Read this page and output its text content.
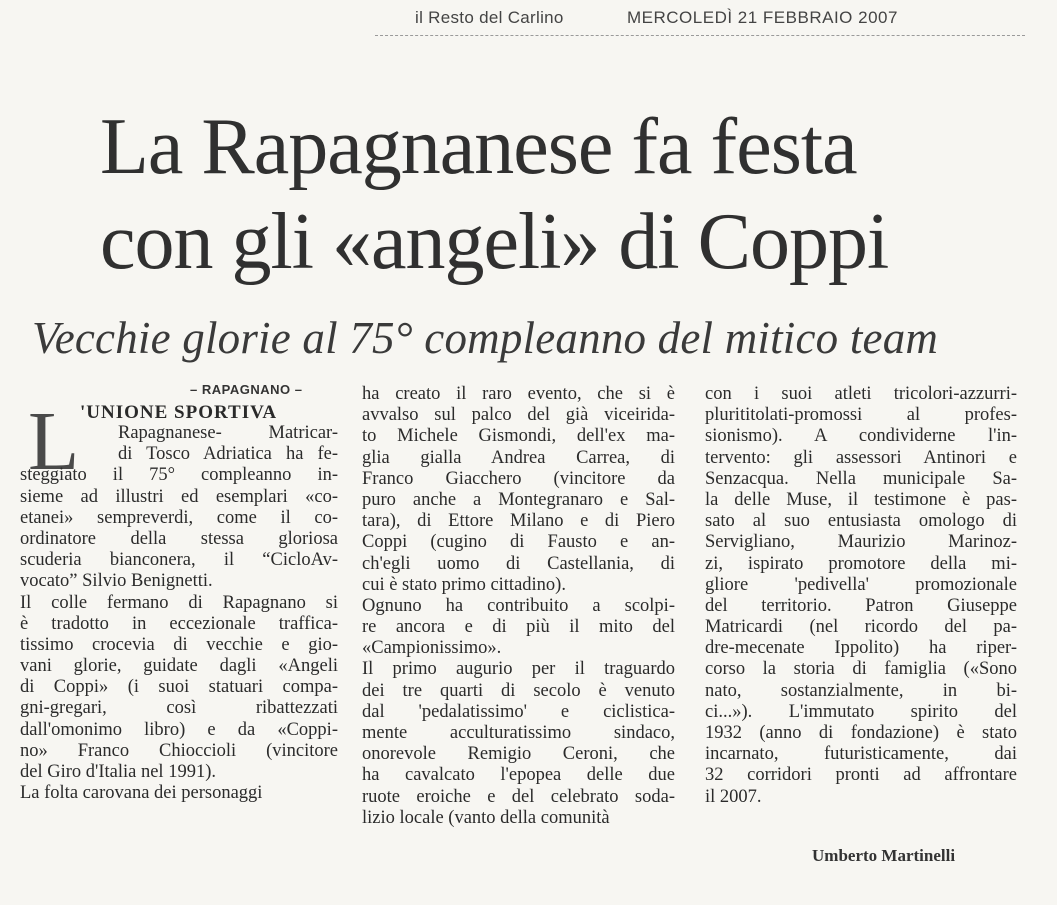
il Resto del Carlino	MERCOLEDÌ 21 FEBBRAIO 2007
La Rapagnanese fa festa
con gli «angeli» di Coppi
Vecchie glorie al 75° compleanno del mitico team
– RAPAGNANO –
L 'UNIONE SPORTIVA
Rapagnanese- Matricar-
di Tosco Adriatica ha fe-
steggiato il 75° compleanno in-
sieme ad illustri ed esemplari «co-
etanei» sempreverdi, come il co-
ordinatore della stessa gloriosa
scuderia bianconera, il “CicloAv-
vocato” Silvio Benignetti.
Il colle fermano di Rapagnano si
è tradotto in eccezionale traffica-
tissimo crocevia di vecchie e gio-
vani glorie, guidate dagli «Angeli
di Coppi» (i suoi statuari compa-
gni-gregari, così ribattezzati
dall'omonimo libro) e da «Coppi-
no» Franco Chioccioli (vincitore
del Giro d'Italia nel 1991).
La folta carovana dei personaggi
ha creato il raro evento, che si è
avvalso sul palco del già viceirida-
to Michele Gismondi, dell'ex ma-
glia gialla Andrea Carrea, di
Franco Giacchero (vincitore da
puro anche a Montegranaro e Sal-
tara), di Ettore Milano e di Piero
Coppi (cugino di Fausto e an-
ch'egli uomo di Castellania, di
cui è stato primo cittadino).
Ognuno ha contribuito a scolpi-
re ancora e di più il mito del
«Campionissimo».
Il primo augurio per il traguardo
dei tre quarti di secolo è venuto
dal 'pedalatissimo' e ciclistica-
mente acculturatissimo sindaco,
onorevole Remigio Ceroni, che
ha cavalcato l'epopea delle due
ruote eroiche e del celebrato soda-
lizio locale (vanto della comunità
con i suoi atleti tricolori-azzurri-
plurititolati-promossi al profes-
sionismo). A condividerne l'in-
tervento: gli assessori Antinori e
Senzacqua. Nella municipale Sa-
la delle Muse, il testimone è pas-
sato al suo entusiasta omologo di
Servigliano, Maurizio Marinoz-
zi, ispirato promotore della mi-
gliore 'pedivella' promozionale
del territorio. Patron Giuseppe
Matricardi (nel ricordo del pa-
dre-mecenate Ippolito) ha riper-
corso la storia di famiglia («Sono
nato, sostanzialmente, in bi-
ci...»). L'immutato spirito del
1932 (anno di fondazione) è stato
incarnato, futuristicamente, dai
32 corridori pronti ad affrontare
il 2007.
Umberto Martinelli
